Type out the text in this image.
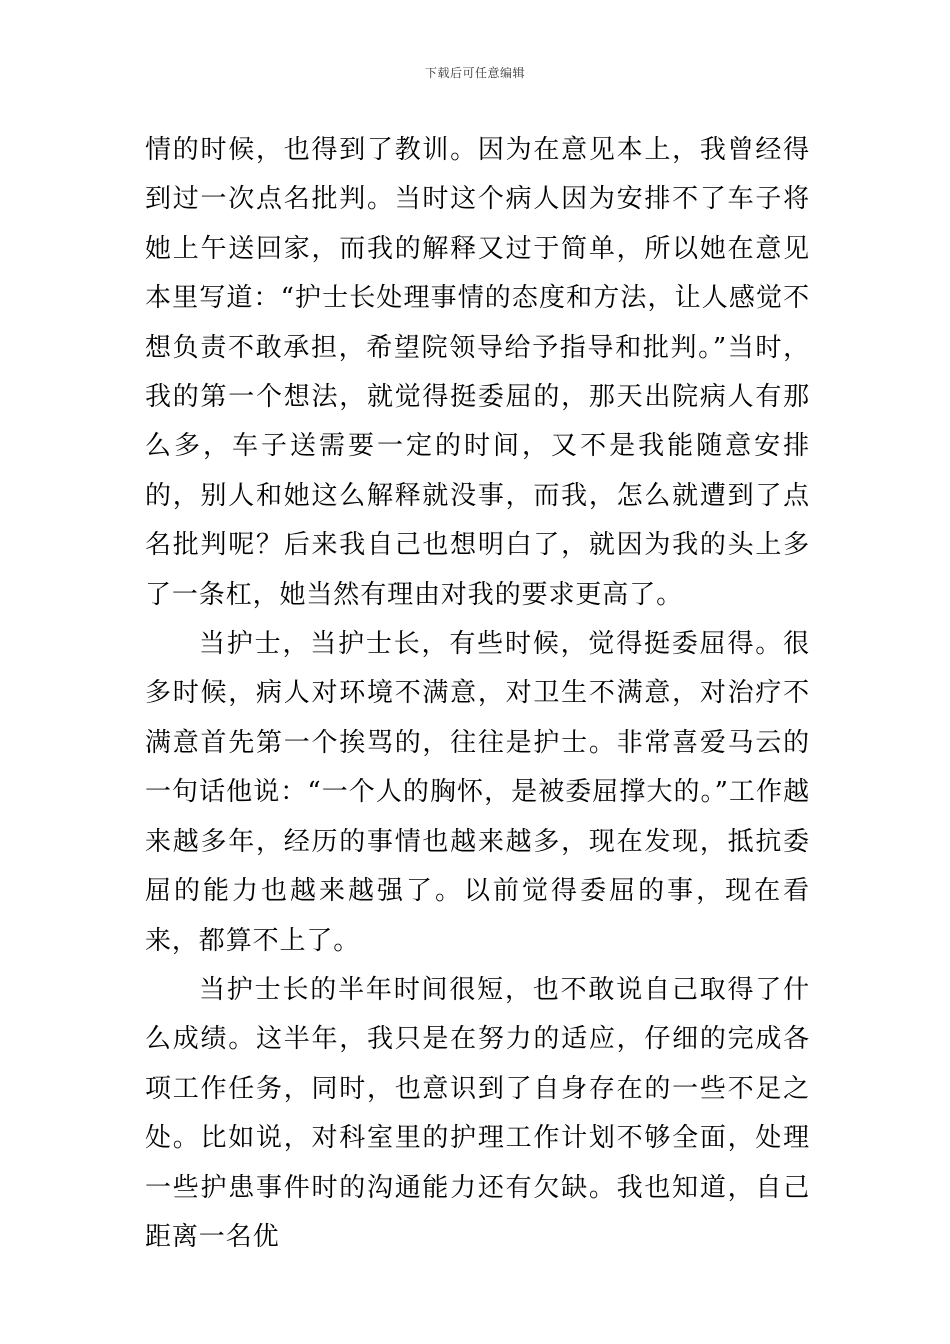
下载后可任意编辑

情的时候，也得到了教训。因为在意见本上，我曾经得到过一次点名批判。当时这个病人因为安排不了车子将她上午送回家，而我的解释又过于简单，所以她在意见本里写道：“护士长处理事情的态度和方法，让人感觉不想负责不敢承担，希望院领导给予指导和批判。”当时，我的第一个想法，就觉得挺委屈的，那天出院病人有那么多，车子送需要一定的时间，又不是我能随意安排的，别人和她这么解释就没事，而我，怎么就遭到了点名批判呢？后来我自己也想明白了，就因为我的头上多了一条杠，她当然有理由对我的要求更高了。

当护士，当护士长，有些时候，觉得挺委屈得。很多时候，病人对环境不满意，对卫生不满意，对治疗不满意首先第一个挨骂的，往往是护士。非常喜爱马云的一句话他说：“一个人的胸怀，是被委屈撑大的。”工作越来越多年，经历的事情也越来越多，现在发现，抵抗委屈的能力也越来越强了。以前觉得委屈的事，现在看来，都算不上了。

当护士长的半年时间很短，也不敢说自己取得了什么成绩。这半年，我只是在努力的适应，仔细的完成各项工作任务，同时，也意识到了自身存在的一些不足之处。比如说，对科室里的护理工作计划不够全面，处理一些护患事件时的沟通能力还有欠缺。我也知道，自己距离一名优
